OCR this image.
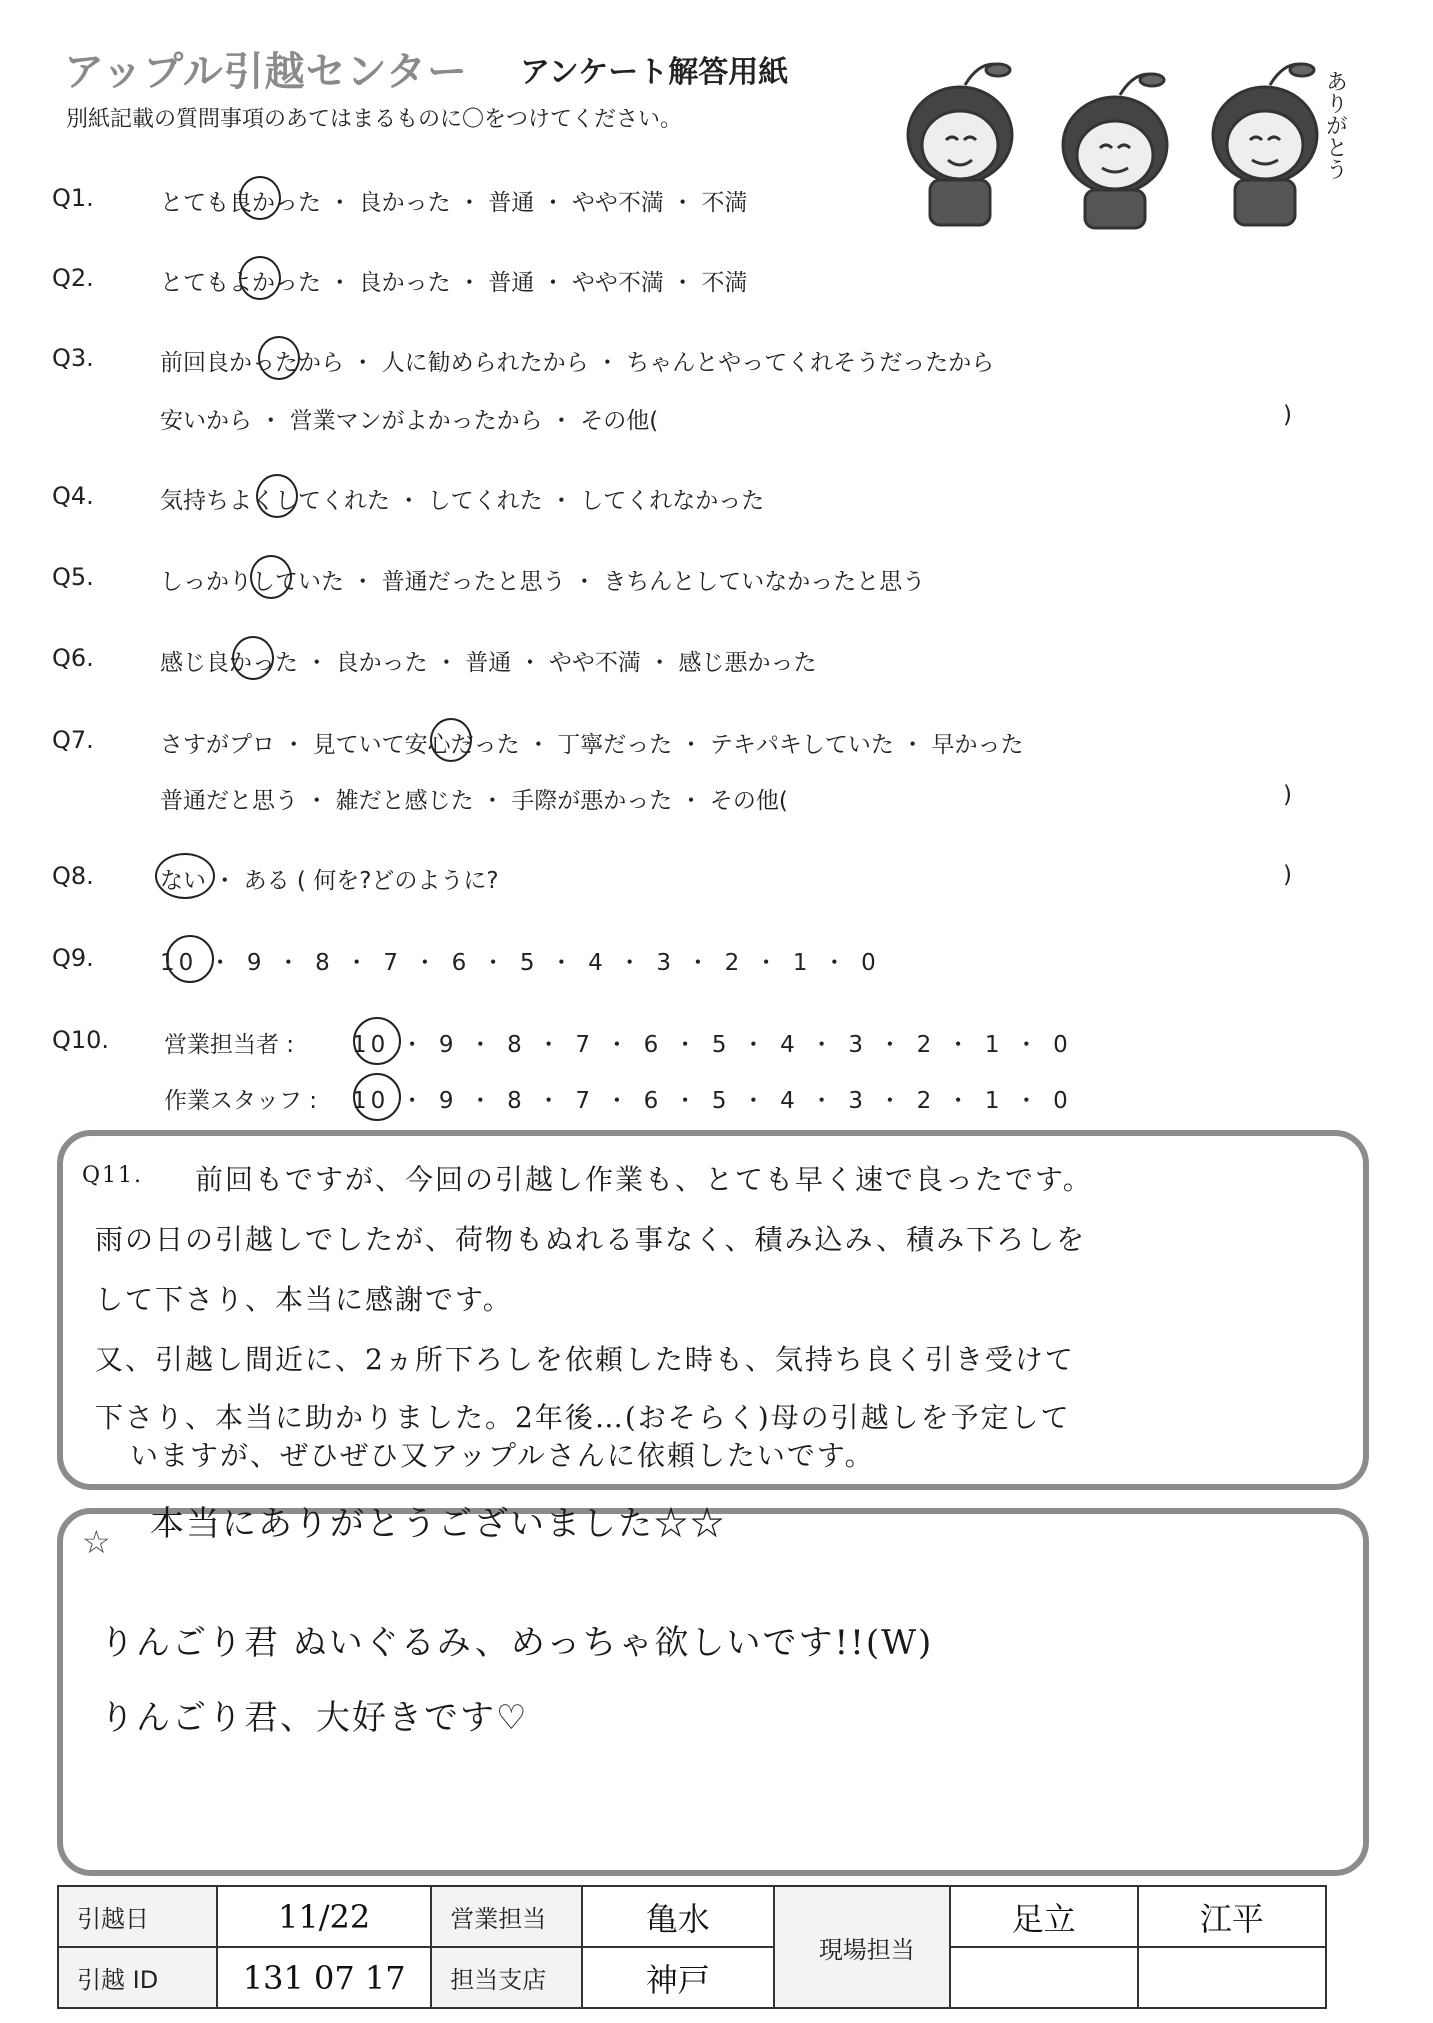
アップル引越センター アンケート解答用紙
別紙記載の質問事項のあてはまるものに〇をつけてください。	ありがとう
Q1.	とても良かった ・ 良かった ・ 普通 ・ やや不満 ・ 不満
Q2.	とてもよかった ・ 良かった ・ 普通 ・ やや不満 ・ 不満
Q3.	前回良かったから ・ 人に勧められたから ・ ちゃんとやってくれそうだったから
安いから ・ 営業マンがよかったから ・ その他(	)
Q4.	気持ちよくしてくれた ・ してくれた ・ してくれなかった
Q5.	しっかりしていた ・ 普通だったと思う ・ きちんとしていなかったと思う
Q6.	感じ良かった ・ 良かった ・ 普通 ・ やや不満 ・ 感じ悪かった
Q7.	さすがプロ ・ 見ていて安心だった ・ 丁寧だった ・ テキパキしていた ・ 早かった
普通だと思う ・ 雑だと感じた ・ 手際が悪かった ・ その他(	)
Q8.	ない ・ ある ( 何を?どのように?	)
Q9.	10 ・ 9 ・ 8 ・ 7 ・ 6 ・ 5 ・ 4 ・ 3 ・ 2 ・ 1 ・ 0
Q10. 営業担当者 :	10 ・ 9 ・ 8 ・ 7 ・ 6 ・ 5 ・ 4 ・ 3 ・ 2 ・ 1 ・ 0
作業スタッフ : 10 ・ 9 ・ 8 ・ 7 ・ 6 ・ 5 ・ 4 ・ 3 ・ 2 ・ 1 ・ 0
Q11. 前回もですが、今回の引越し作業も、とても早く速で良ったです。
雨の日の引越しでしたが、荷物もぬれる事なく、積み込み、積み下ろしを
して下さり、本当に感謝です。
又、引越し間近に、2ヵ所下ろしを依頼した時も、気持ち良く引き受けて
下さり、本当に助かりました。2年後…(おそらく)母の引越しを予定して
いますが、ぜひぜひ又アップルさんに依頼したいです。
☆ 本当にありがとうございました☆☆
りんごり君 ぬいぐるみ、めっちゃ欲しいです!!(W)
りんごり君、大好きです♡
引越日	11/22	営業担当	亀水	現場担当	足立	江平
引越 ID	131 07 17	担当支店	神戸			
